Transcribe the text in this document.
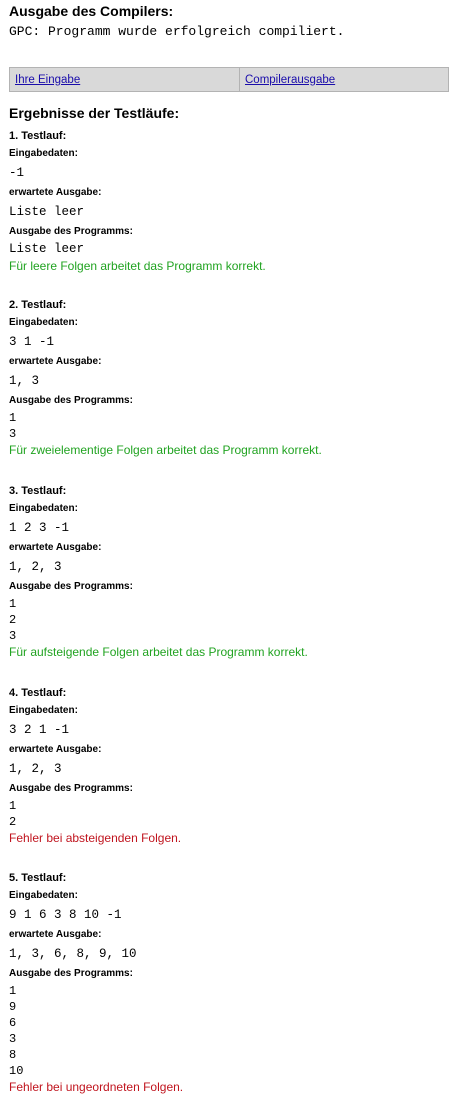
Ausgabe des Compilers:
GPC: Programm wurde erfolgreich compiliert.
Ihre Eingabe	Compilerausgabe
Ergebnisse der Testläufe:
1. Testlauf:
Eingabedaten:
-1
erwartete Ausgabe:
Liste leer
Ausgabe des Programms:
Liste leer
Für leere Folgen arbeitet das Programm korrekt.
2. Testlauf:
Eingabedaten:
3 1 -1
erwartete Ausgabe:
1, 3
Ausgabe des Programms:
1
3
Für zweielementige Folgen arbeitet das Programm korrekt.
3. Testlauf:
Eingabedaten:
1 2 3 -1
erwartete Ausgabe:
1, 2, 3
Ausgabe des Programms:
1
2
3
Für aufsteigende Folgen arbeitet das Programm korrekt.
4. Testlauf:
Eingabedaten:
3 2 1 -1
erwartete Ausgabe:
1, 2, 3
Ausgabe des Programms:
1
2
Fehler bei absteigenden Folgen.
5. Testlauf:
Eingabedaten:
9 1 6 3 8 10 -1
erwartete Ausgabe:
1, 3, 6, 8, 9, 10
Ausgabe des Programms:
1
9
6
3
8
10
Fehler bei ungeordneten Folgen.
